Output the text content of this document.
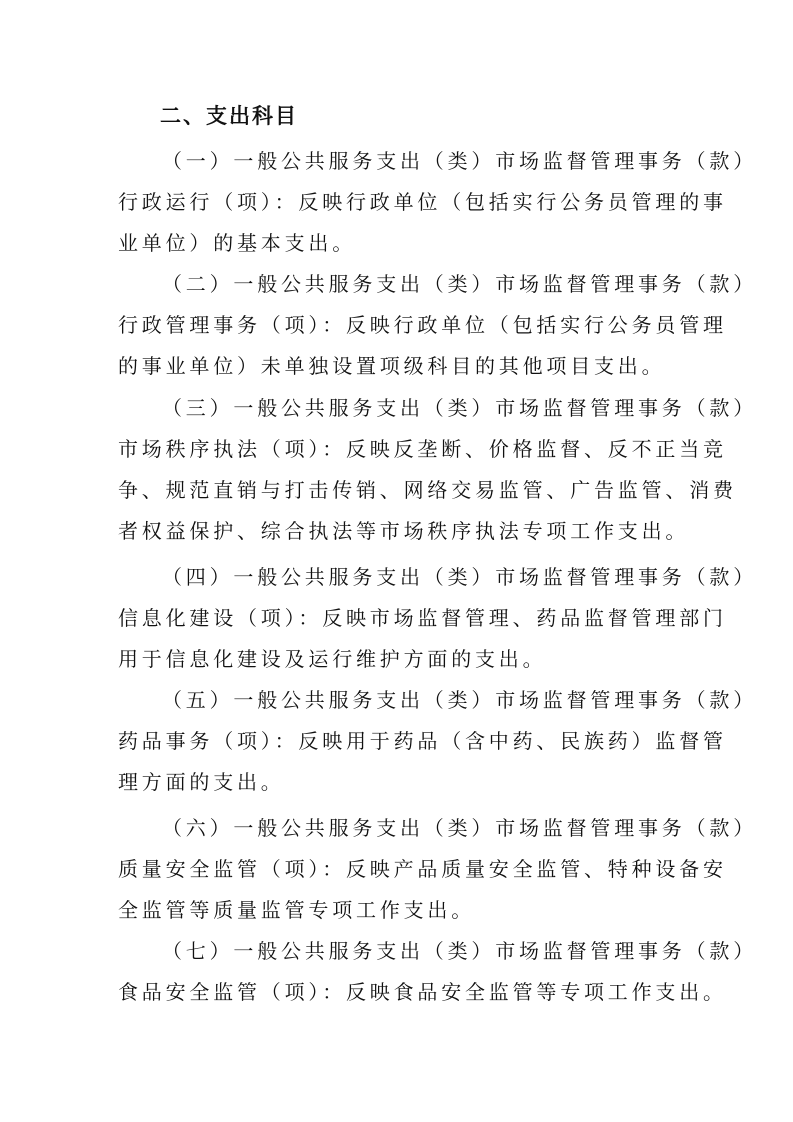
二、支出科目
（一）一般公共服务支出（类）市场监督管理事务（款）
行政运行（项）：反映行政单位（包括实行公务员管理的事
业单位）的基本支出。
（二）一般公共服务支出（类）市场监督管理事务（款）
行政管理事务（项）：反映行政单位（包括实行公务员管理
的事业单位）未单独设置项级科目的其他项目支出。
（三）一般公共服务支出（类）市场监督管理事务（款）
市场秩序执法（项）：反映反垄断、价格监督、反不正当竞
争、规范直销与打击传销、网络交易监管、广告监管、消费
者权益保护、综合执法等市场秩序执法专项工作支出。
（四）一般公共服务支出（类）市场监督管理事务（款）
信息化建设（项）：反映市场监督管理、药品监督管理部门
用于信息化建设及运行维护方面的支出。
（五）一般公共服务支出（类）市场监督管理事务（款）
药品事务（项）：反映用于药品（含中药、民族药）监督管
理方面的支出。
（六）一般公共服务支出（类）市场监督管理事务（款）
质量安全监管（项）：反映产品质量安全监管、特种设备安
全监管等质量监管专项工作支出。
（七）一般公共服务支出（类）市场监督管理事务（款）
食品安全监管（项）：反映食品安全监管等专项工作支出。
